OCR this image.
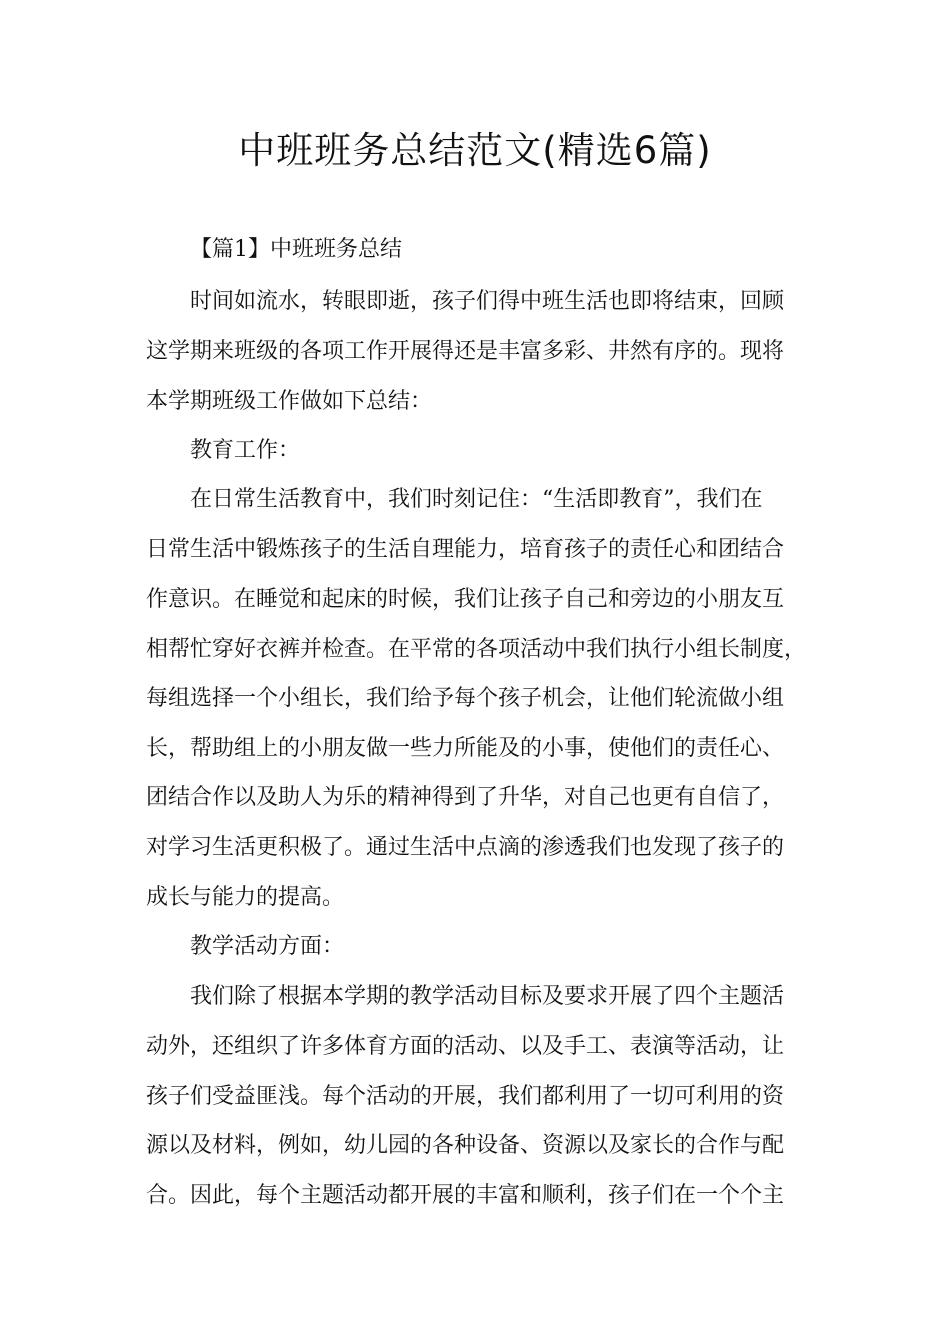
中班班务总结范文(精选6篇)

【篇1】中班班务总结

时间如流水，转眼即逝，孩子们得中班生活也即将结束，回顾

这学期来班级的各项工作开展得还是丰富多彩、井然有序的。现将

本学期班级工作做如下总结：

教育工作：

在日常生活教育中，我们时刻记住：“生活即教育”，我们在

日常生活中锻炼孩子的生活自理能力，培育孩子的责任心和团结合

作意识。在睡觉和起床的时候，我们让孩子自己和旁边的小朋友互

相帮忙穿好衣裤并检查。在平常的各项活动中我们执行小组长制度，

每组选择一个小组长，我们给予每个孩子机会，让他们轮流做小组

长，帮助组上的小朋友做一些力所能及的小事，使他们的责任心、

团结合作以及助人为乐的精神得到了升华，对自己也更有自信了，

对学习生活更积极了。通过生活中点滴的渗透我们也发现了孩子的

成长与能力的提高。

教学活动方面：

我们除了根据本学期的教学活动目标及要求开展了四个主题活

动外，还组织了许多体育方面的活动、以及手工、表演等活动，让

孩子们受益匪浅。每个活动的开展，我们都利用了一切可利用的资

源以及材料，例如，幼儿园的各种设备、资源以及家长的合作与配

合。因此，每个主题活动都开展的丰富和顺利，孩子们在一个个主
